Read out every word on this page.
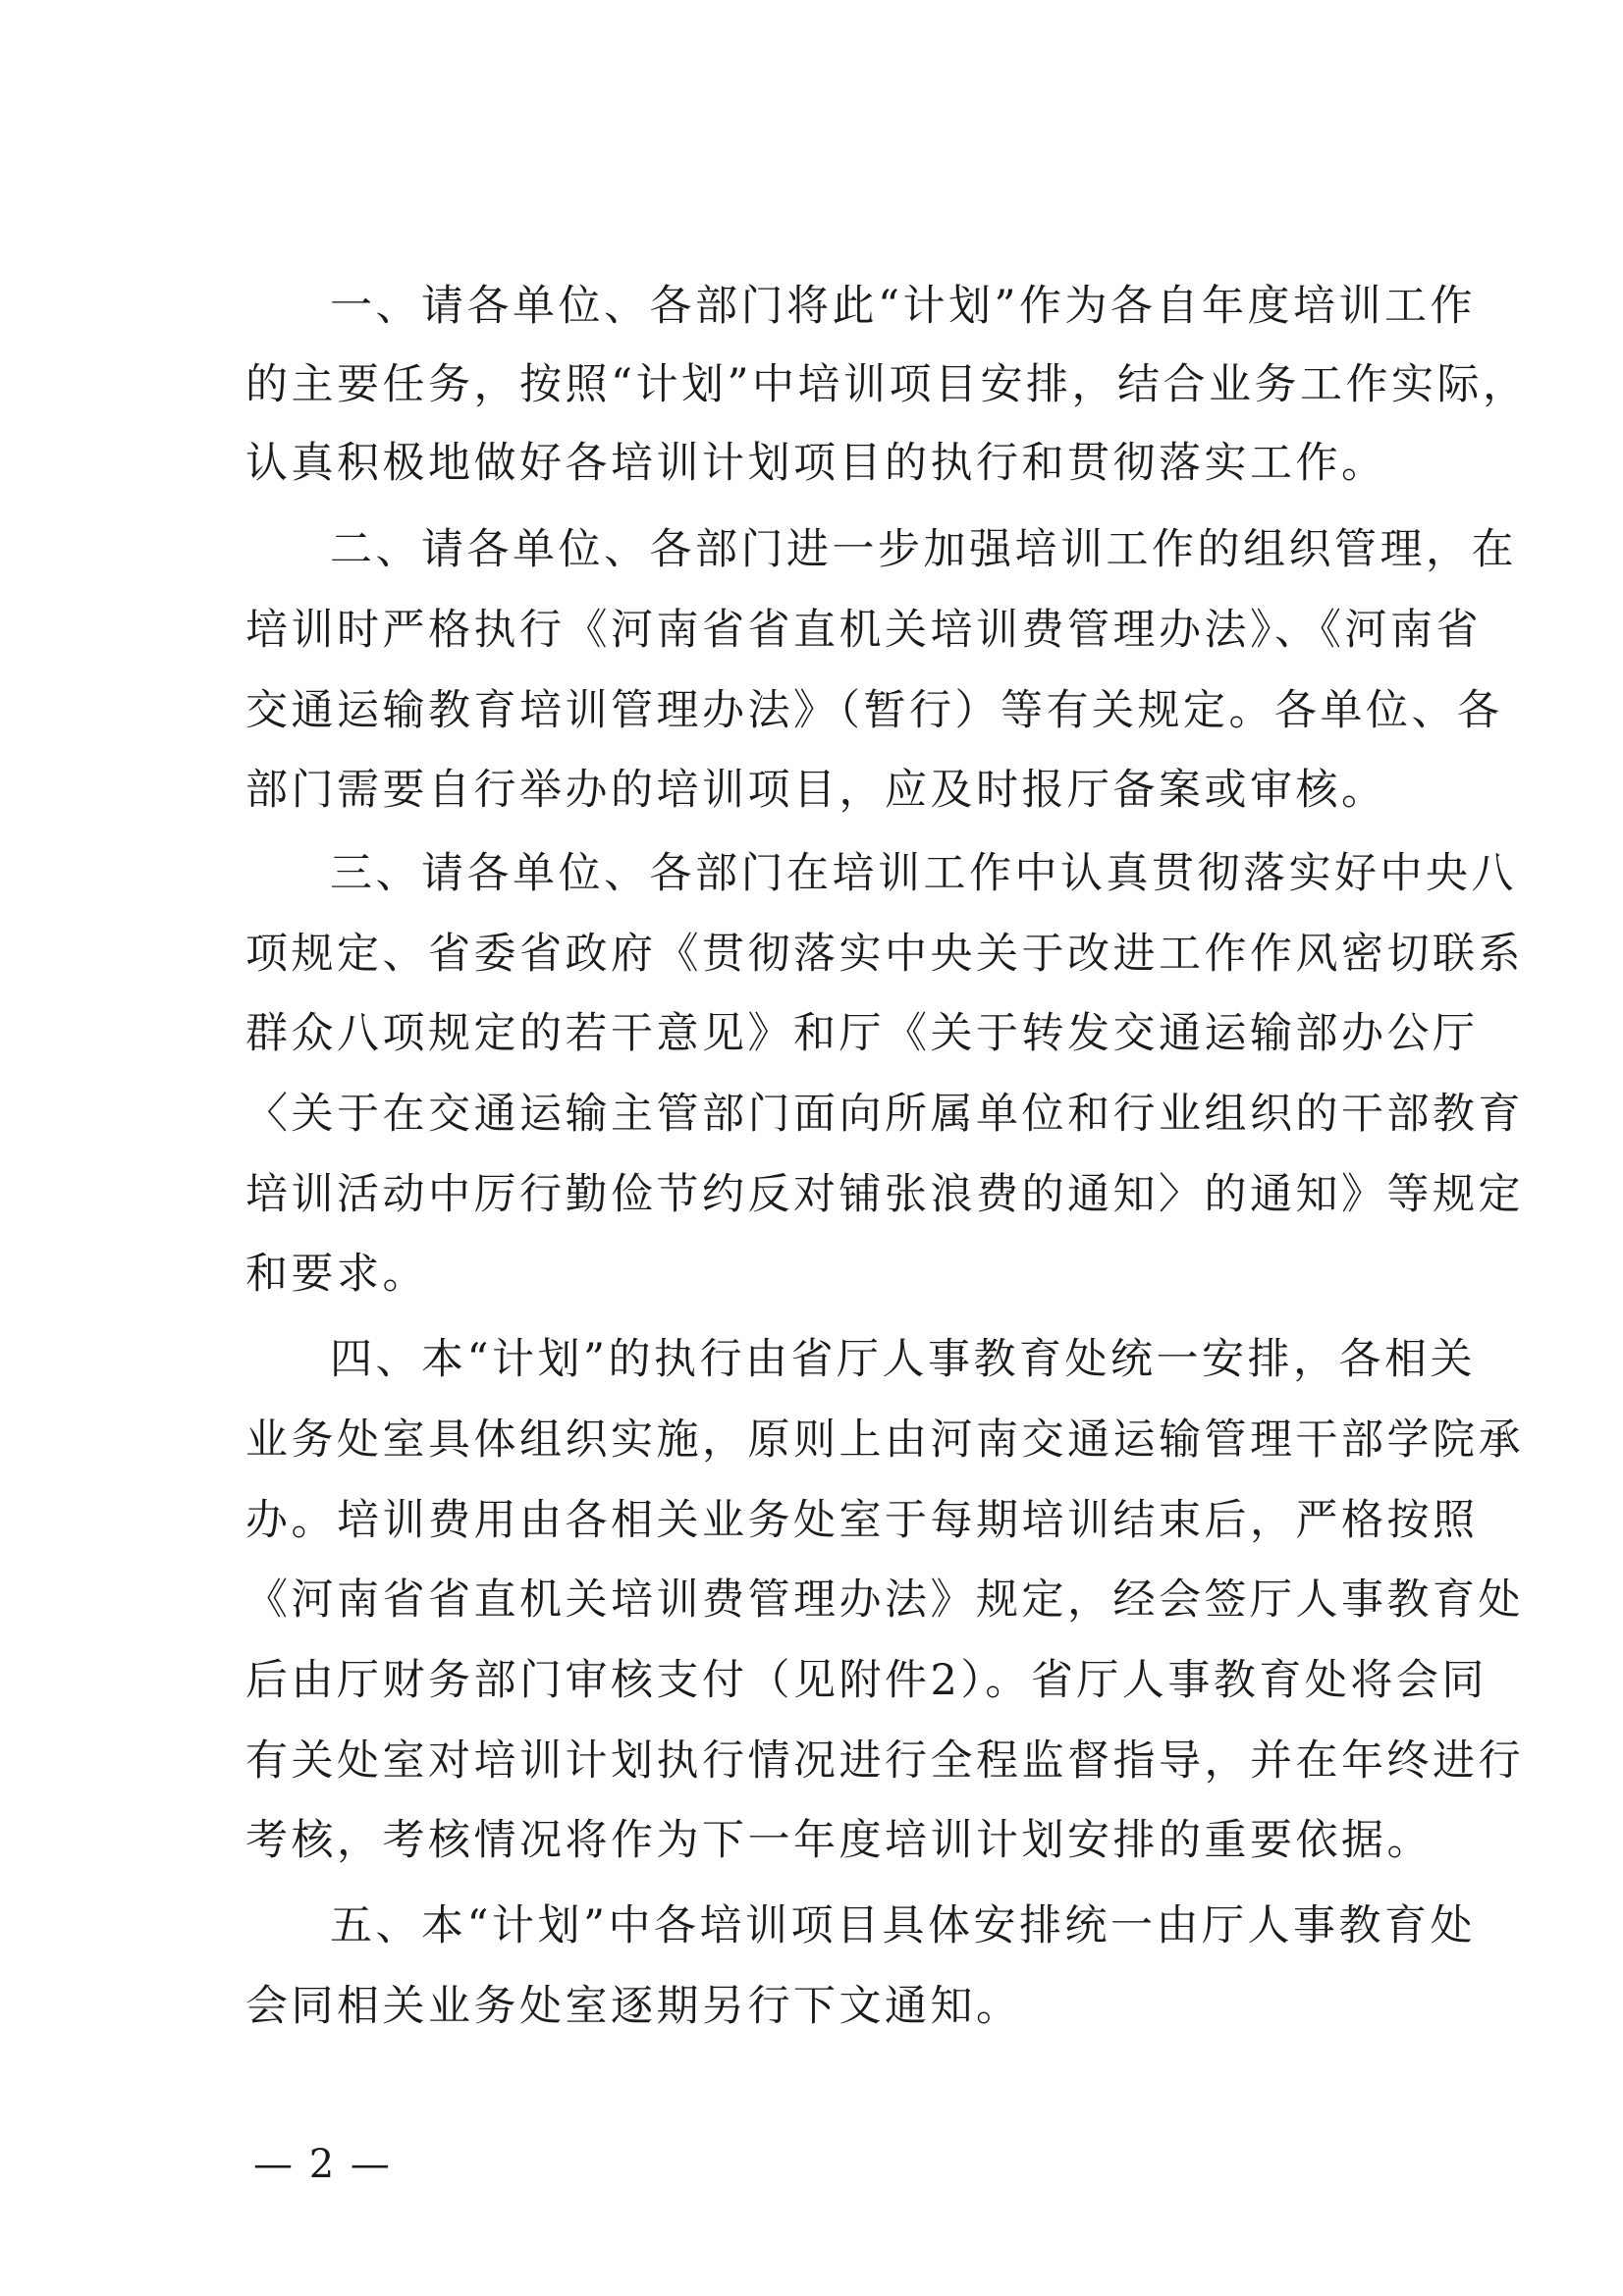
一、请各单位、各部门将此“计划”作为各自年度培训工作
的主要任务，按照“计划”中培训项目安排，结合业务工作实际，
认真积极地做好各培训计划项目的执行和贯彻落实工作。
二、请各单位、各部门进一步加强培训工作的组织管理，在
培训时严格执行《河南省省直机关培训费管理办法》、《河南省
交通运输教育培训管理办法》（暂行）等有关规定。各单位、各
部门需要自行举办的培训项目，应及时报厅备案或审核。
三、请各单位、各部门在培训工作中认真贯彻落实好中央八
项规定、省委省政府《贯彻落实中央关于改进工作作风密切联系
群众八项规定的若干意见》和厅《关于转发交通运输部办公厅
〈关于在交通运输主管部门面向所属单位和行业组织的干部教育
培训活动中厉行勤俭节约反对铺张浪费的通知〉的通知》等规定
和要求。
四、本“计划”的执行由省厅人事教育处统一安排，各相关
业务处室具体组织实施，原则上由河南交通运输管理干部学院承
办。培训费用由各相关业务处室于每期培训结束后，严格按照
《河南省省直机关培训费管理办法》规定，经会签厅人事教育处
后由厅财务部门审核支付（见附件2）。省厅人事教育处将会同
有关处室对培训计划执行情况进行全程监督指导，并在年终进行
考核，考核情况将作为下一年度培训计划安排的重要依据。
五、本“计划”中各培训项目具体安排统一由厅人事教育处
会同相关业务处室逐期另行下文通知。
— 2 —
